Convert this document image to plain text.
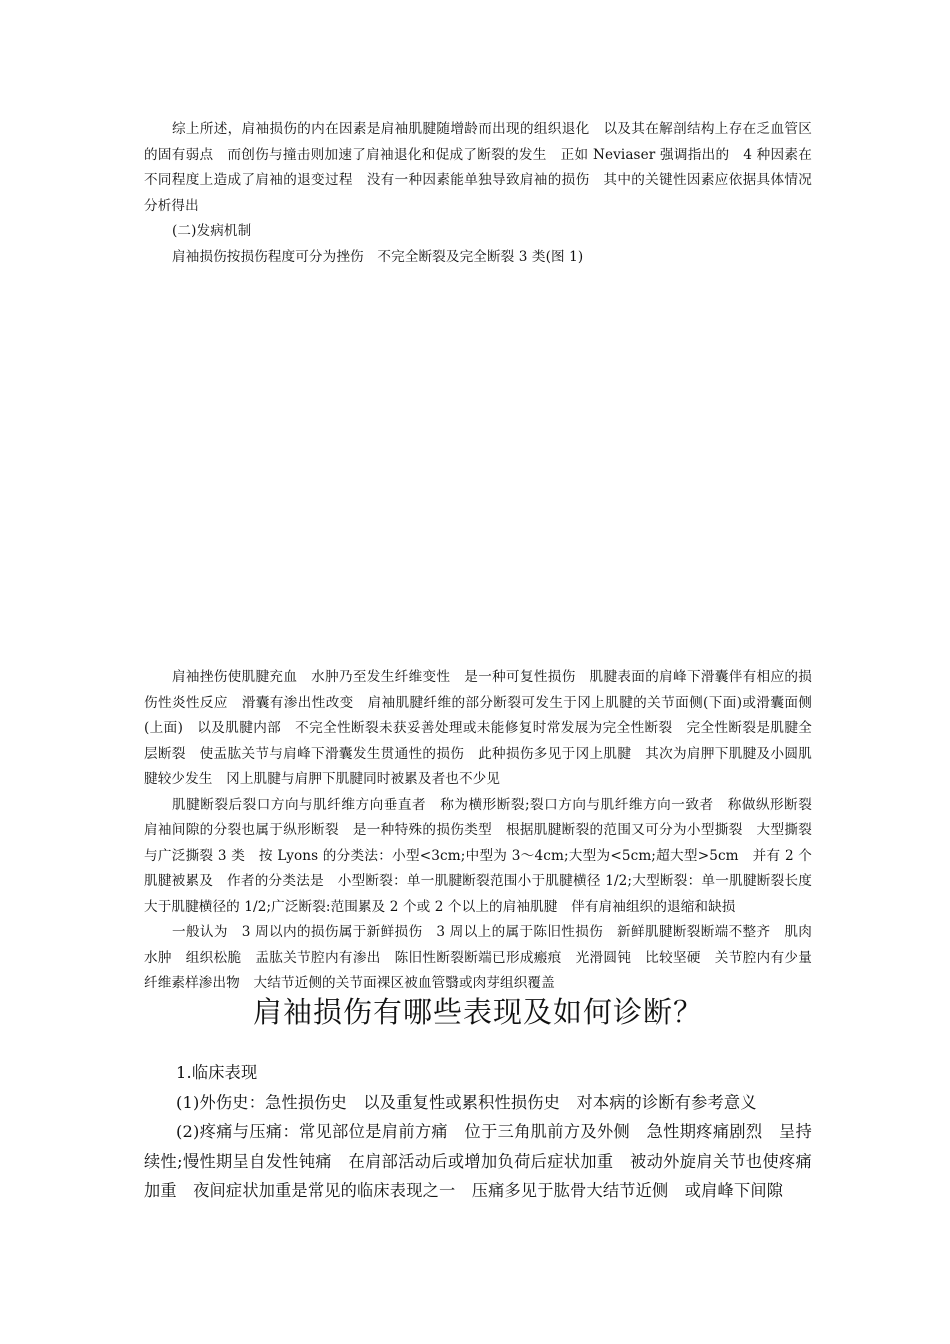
综上所述，肩袖损伤的内在因素是肩袖肌腱随增龄而出现的组织退化　以及其在解剖结构上存在乏血管区的固有弱点　而创伤与撞击则加速了肩袖退化和促成了断裂的发生　正如 Neviaser 强调指出的　4 种因素在不同程度上造成了肩袖的退变过程　没有一种因素能单独导致肩袖的损伤　其中的关键性因素应依据具体情况分析得出

(二)发病机制

肩袖损伤按损伤程度可分为挫伤　不完全断裂及完全断裂 3 类(图 1)

肩袖挫伤使肌腱充血　水肿乃至发生纤维变性　是一种可复性损伤　肌腱表面的肩峰下滑囊伴有相应的损伤性炎性反应　滑囊有渗出性改变　肩袖肌腱纤维的部分断裂可发生于冈上肌腱的关节面侧(下面)或滑囊面侧(上面)　以及肌腱内部　不完全性断裂未获妥善处理或未能修复时常发展为完全性断裂　完全性断裂是肌腱全层断裂　使盂肱关节与肩峰下滑囊发生贯通性的损伤　此种损伤多见于冈上肌腱　其次为肩胛下肌腱及小圆肌腱较少发生　冈上肌腱与肩胛下肌腱同时被累及者也不少见

肌腱断裂后裂口方向与肌纤维方向垂直者　称为横形断裂;裂口方向与肌纤维方向一致者　称做纵形断裂　肩袖间隙的分裂也属于纵形断裂　是一种特殊的损伤类型　根据肌腱断裂的范围又可分为小型撕裂　大型撕裂与广泛撕裂 3 类　按 Lyons 的分类法：小型<3cm;中型为 3～4cm;大型为<5cm;超大型>5cm　并有 2 个肌腱被累及　作者的分类法是　小型断裂：单一肌腱断裂范围小于肌腱横径 1/2;大型断裂：单一肌腱断裂长度大于肌腱横径的 1/2;广泛断裂:范围累及 2 个或 2 个以上的肩袖肌腱　伴有肩袖组织的退缩和缺损

一般认为　3 周以内的损伤属于新鲜损伤　3 周以上的属于陈旧性损伤　新鲜肌腱断裂断端不整齐　肌肉水肿　组织松脆　盂肱关节腔内有渗出　陈旧性断裂断端已形成瘢痕　光滑圆钝　比较坚硬　关节腔内有少量纤维素样渗出物　大结节近侧的关节面裸区被血管翳或肉芽组织覆盖

肩袖损伤有哪些表现及如何诊断？

1.临床表现

(1)外伤史：急性损伤史　以及重复性或累积性损伤史　对本病的诊断有参考意义

(2)疼痛与压痛：常见部位是肩前方痛　位于三角肌前方及外侧　急性期疼痛剧烈　呈持续性;慢性期呈自发性钝痛　在肩部活动后或增加负荷后症状加重　被动外旋肩关节也使疼痛加重　夜间症状加重是常见的临床表现之一　压痛多见于肱骨大结节近侧　或肩峰下间隙
